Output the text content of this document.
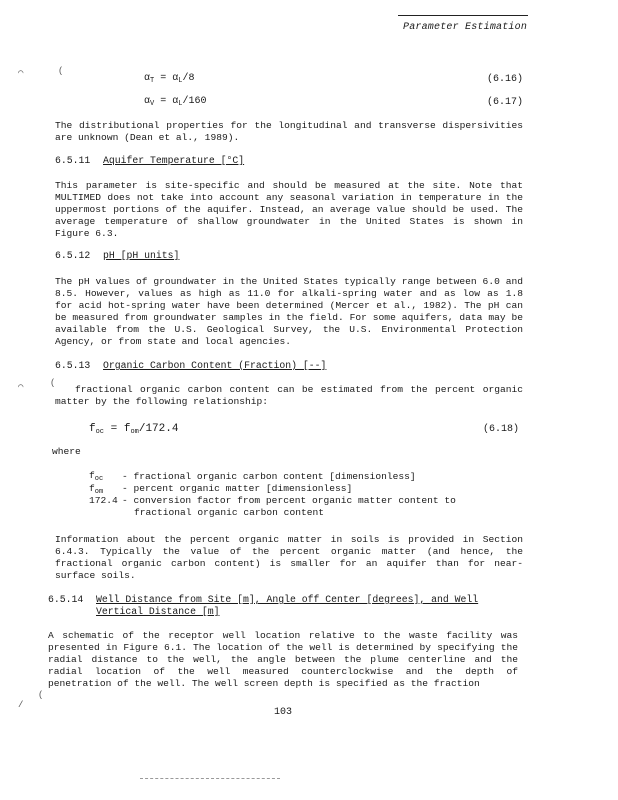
Parameter Estimation
⌒	(
$\alpha_T = \alpha_L/8$	(6.16)
$\alpha_V = \alpha_L/160$	(6.17)
The distributional properties for the longitudinal and transverse dispersivities are unknown (Dean et al., 1989).
6.5.11 Aquifer Temperature [°C]
This parameter is site-specific and should be measured at the site. Note that MULTIMED does not take into account any seasonal variation in temperature in the uppermost portions of the aquifer. Instead, an average value should be used. The average temperature of shallow groundwater in the United States is shown in Figure 6.3.
6.5.12 pH [pH units]
The pH values of groundwater in the United States typically range between 6.0 and 8.5. However, values as high as 11.0 for alkali-spring water and as low as 1.8 for acid hot-spring water have been determined (Mercer et al., 1982). The pH can be measured from groundwater samples in the field. For some aquifers, data may be available from the U.S. Geological Survey, the U.S. Environmental Protection Agency, or from state and local agencies.
6.5.13 Organic Carbon Content (Fraction) [--]
⌒	(
fractional organic carbon content can be estimated from the percent organic matter by the following relationship:
$f_{oc} = f_{om}/172.4$	(6.18)
where
$f_{oc}$ - fractional organic carbon content [dimensionless]
$f_{om}$ - percent organic matter [dimensionless]
172.4 - conversion factor from percent organic matter content to
fractional organic carbon content
Information about the percent organic matter in soils is provided in Section 6.4.3. Typically the value of the percent organic matter (and hence, the fractional organic carbon content) is smaller for an aquifer than for near-surface soils.
6.5.14 Well Distance from Site [m], Angle off Center [degrees], and Well
Vertical Distance [m]
A schematic of the receptor well location relative to the waste facility was presented in Figure 6.1. The location of the well is determined by specifying the radial distance to the well, the angle between the plume centerline and the radial location of the well measured counterclockwise and the depth of penetration of the well. The well screen depth is specified as the fraction
/
(
103
